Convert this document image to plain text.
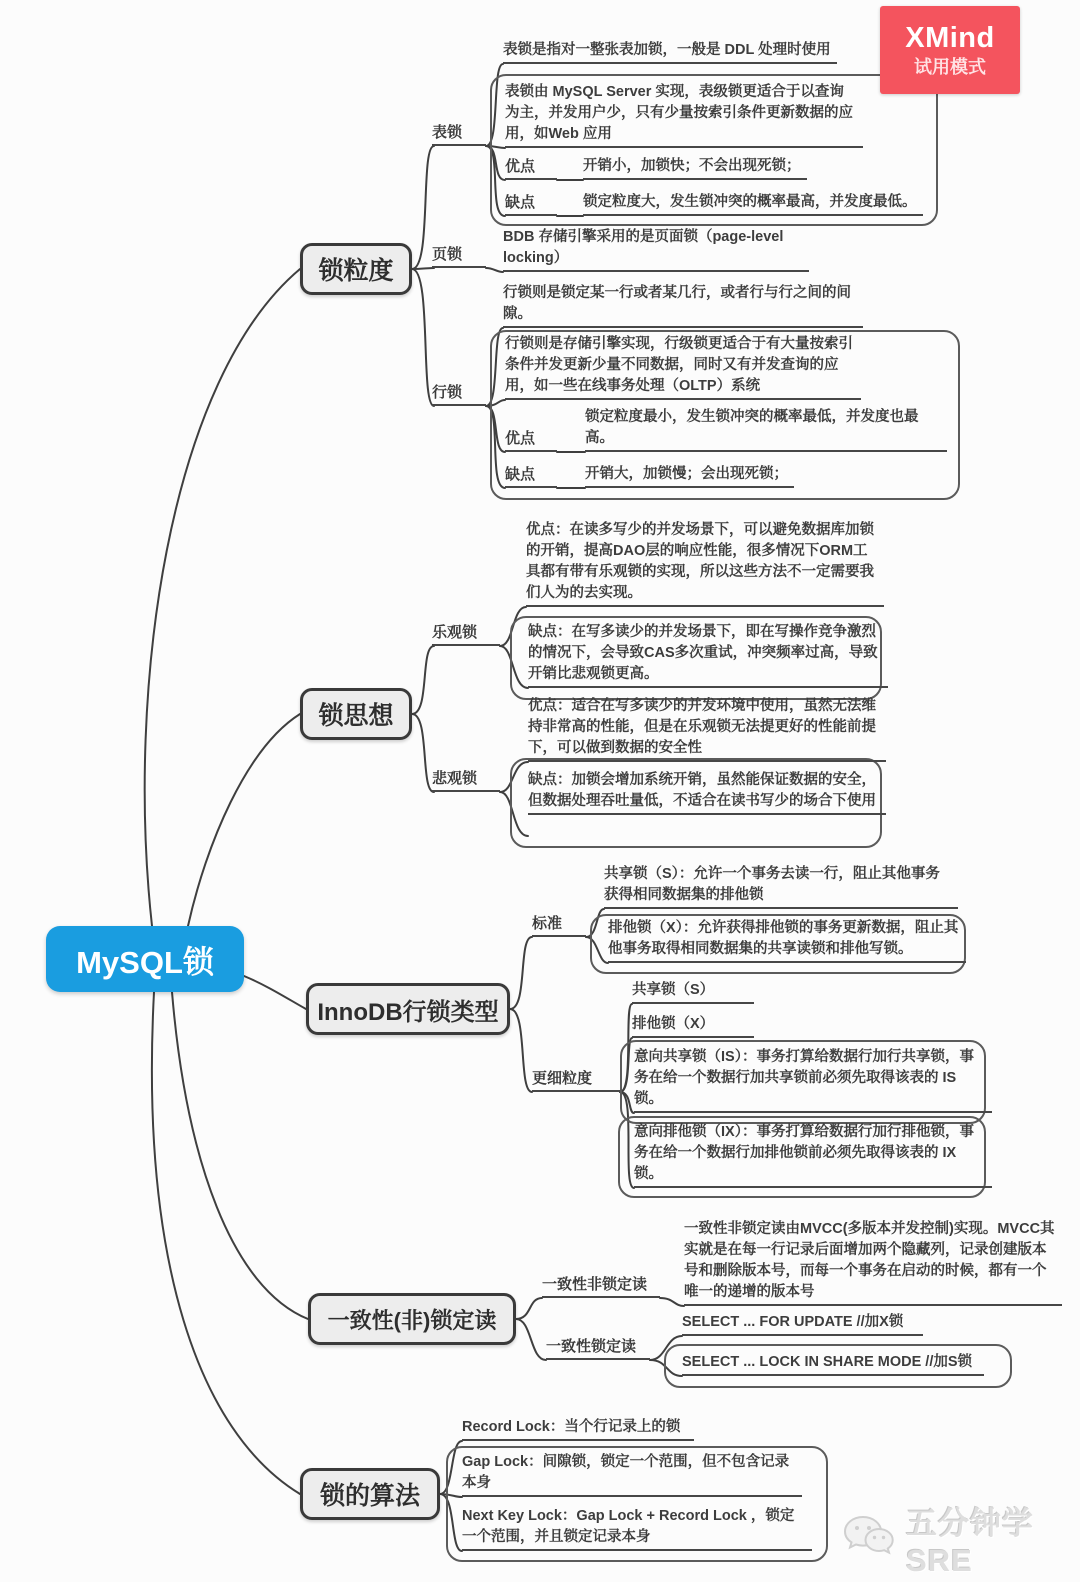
MySQL锁
锁粒度
锁思想
InnoDB行锁类型
一致性(非)锁定读
锁的算法
表锁
表锁是指对一整张表加锁，一般是 DDL 处理时使用
表锁由 MySQL Server 实现，表级锁更适合于以查询为主，并发用户少，只有少量按索引条件更新数据的应用，如Web 应用
优点	开销小，加锁快；不会出现死锁；
缺点	锁定粒度大，发生锁冲突的概率最高，并发度最低。
页锁
BDB 存储引擎采用的是页面锁（page-level locking）
行锁
行锁则是锁定某一行或者某几行，或者行与行之间的间隙。
行锁则是存储引擎实现，行级锁更适合于有大量按索引条件并发更新少量不同数据，同时又有并发查询的应用，如一些在线事务处理（OLTP）系统
优点
锁定粒度最小，发生锁冲突的概率最低，并发度也最高。
缺点	开销大，加锁慢；会出现死锁；
乐观锁
优点：在读多写少的并发场景下，可以避免数据库加锁的开销，提高DAO层的响应性能，很多情况下ORM工具都有带有乐观锁的实现，所以这些方法不一定需要我们人为的去实现。
缺点：在写多读少的并发场景下，即在写操作竞争激烈的情况下，会导致CAS多次重试，冲突频率过高，导致开销比悲观锁更高。
悲观锁
优点：适合在写多读少的并发环境中使用，虽然无法维持非常高的性能，但是在乐观锁无法提更好的性能前提下，可以做到数据的安全性
缺点：加锁会增加系统开销，虽然能保证数据的安全，但数据处理吞吐量低，不适合在读书写少的场合下使用
标准
共享锁（S）：允许一个事务去读一行，阻止其他事务获得相同数据集的排他锁
排他锁（X）：允许获得排他锁的事务更新数据，阻止其他事务取得相同数据集的共享读锁和排他写锁。
更细粒度
共享锁（S）
排他锁（X）
意向共享锁（IS）：事务打算给数据行加行共享锁，事务在给一个数据行加共享锁前必须先取得该表的 IS 锁。
意向排他锁（IX）：事务打算给数据行加行排他锁，事务在给一个数据行加排他锁前必须先取得该表的 IX 锁。
一致性非锁定读
一致性非锁定读由MVCC(多版本并发控制)实现。MVCC其实就是在每一行记录后面增加两个隐藏列，记录创建版本号和删除版本号，而每一个事务在启动的时候，都有一个唯一的递增的版本号
一致性锁定读
SELECT ... FOR UPDATE //加X锁
SELECT ... LOCK IN SHARE MODE //加S锁
Record Lock：当个行记录上的锁
Gap Lock：间隙锁，锁定一个范围，但不包含记录本身
Next Key Lock：Gap Lock + Record Lock ，锁定一个范围，并且锁定记录本身
XMind
试用模式
五分钟学SRE
